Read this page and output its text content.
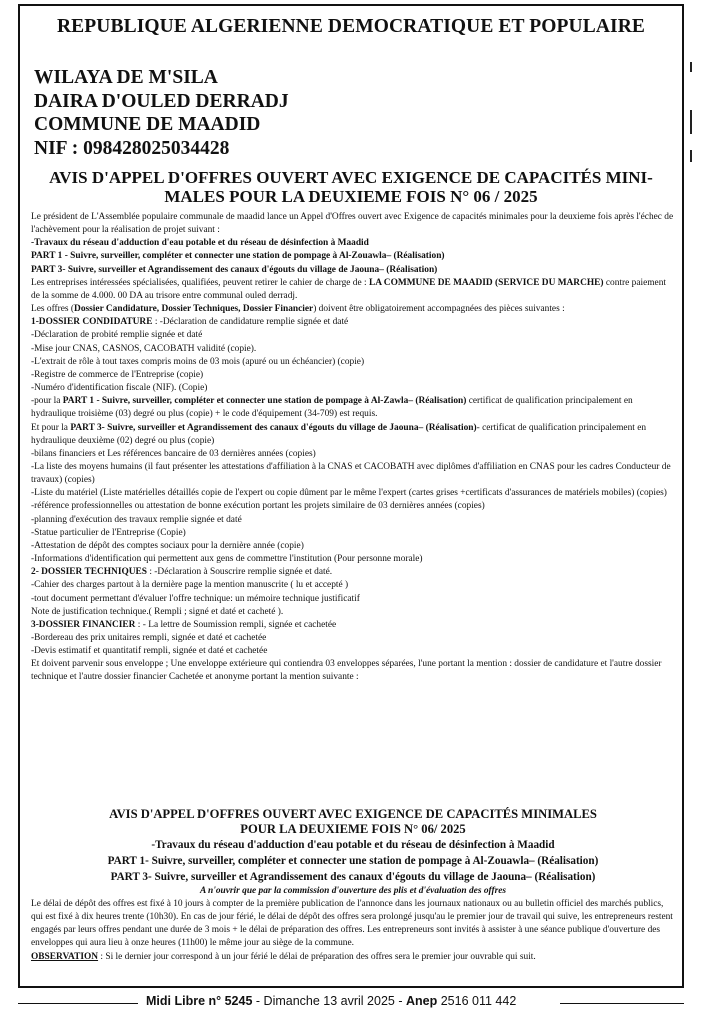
REPUBLIQUE ALGERIENNE DEMOCRATIQUE ET POPULAIRE
WILAYA DE M'SILA
DAIRA D'OULED DERRADJ
COMMUNE DE MAADID
NIF : 098428025034428
AVIS D'APPEL D'OFFRES OUVERT AVEC EXIGENCE DE CAPACITÉS MINI-
MALES POUR LA DEUXIEME FOIS N° 06 / 2025

Le président de L'Assemblée populaire communale de maadid lance un Appel d'Offres ouvert avec Exigence de capacités minimales pour la deuxieme fois après l'échec de l'achèvement pour la réalisation de projet suivant :

-Travaux du réseau d'adduction d'eau potable et du réseau de désinfection à Maadid

PART 1 - Suivre, surveiller, compléter et connecter une station de pompage à Al-Zouawla– (Réalisation)

PART 3- Suivre, surveiller et Agrandissement des canaux d'égouts du village de Jaouna– (Réalisation)

Les entreprises intéressées spécialisées, qualifiées, peuvent retirer le cahier de charge de : LA COMMUNE DE MAADID (SERVICE DU MARCHE) contre paiement de la somme de 4.000. 00 DA au trisore entre communal ouled derradj.

Les offres (Dossier Candidature, Dossier Techniques, Dossier Financier) doivent être obligatoirement accompagnées des pièces suivantes :

1-DOSSIER CONDIDATURE : -Déclaration de candidature remplie signée et daté

-Déclaration de probité remplie signée et daté

-Mise jour CNAS, CASNOS, CACOBATH validité (copie).

-L'extrait de rôle à tout taxes compris moins de 03 mois (apuré ou un échéancier) (copie)

-Registre de commerce de l'Entreprise (copie)

-Numéro d'identification fiscale (NIF). (Copie)

-pour la PART 1 - Suivre, surveiller, compléter et connecter une station de pompage à Al-Zawla– (Réalisation) certificat de qualification principalement en hydraulique troisième (03) degré ou plus (copie) + le code d'équipement (34-709) est requis.

Et pour la PART 3- Suivre, surveiller et Agrandissement des canaux d'égouts du village de Jaouna– (Réalisation)- certificat de qualification principalement en hydraulique deuxième (02) degré ou plus (copie)

-bilans financiers et Les références bancaire de 03 dernières années (copies)

-La liste des moyens humains (il faut présenter les attestations d'affiliation à la CNAS et CACOBATH avec diplômes d'affiliation en CNAS pour les cadres Conducteur de travaux) (copies)

-Liste du matériel (Liste matérielles détaillés copie de l'expert ou copie dûment par le même l'expert (cartes grises +certificats d'assurances de matériels mobiles) (copies)

-référence professionnelles ou attestation de bonne exécution portant les projets similaire de 03 dernières années (copies)

-planning d'exécution des travaux remplie signée et daté

-Statue particulier de l'Entreprise (Copie)

-Attestation de dépôt des comptes sociaux pour la dernière année (copie)

-Informations d'identification qui permettent aux gens de commettre l'institution (Pour personne morale)

2- DOSSIER TECHNIQUES : -Déclaration à Souscrire remplie signée et daté.

-Cahier des charges partout à la dernière page la mention manuscrite ( lu et accepté )

-tout document permettant d'évaluer l'offre technique: un mémoire technique justificatif

Note de justification technique.( Rempli ; signé et daté et cacheté ).

3-DOSSIER FINANCIER : - La lettre de Soumission rempli, signée et cachetée

-Bordereau des prix unitaires rempli, signée et daté et cachetée

-Devis estimatif et quantitatif rempli, signée et daté et cachetée

Et doivent parvenir sous enveloppe ; Une enveloppe extérieure qui contiendra 03 enveloppes séparées, l'une portant la mention : dossier de candidature et l'autre dossier technique et l'autre dossier financier Cachetée et anonyme portant la mention suivante :

AVIS D'APPEL D'OFFRES OUVERT AVEC EXIGENCE DE CAPACITÉS MINIMALES
POUR LA DEUXIEME FOIS N° 06/ 2025
-Travaux du réseau d'adduction d'eau potable et du réseau de désinfection à Maadid
PART 1- Suivre, surveiller, compléter et connecter une station de pompage à Al-Zouawla– (Réalisation)
PART 3- Suivre, surveiller et Agrandissement des canaux d'égouts du village de Jaouna– (Réalisation)
A n'ouvrir que par la commission d'ouverture des plis et d'évaluation des offres

Le délai de dépôt des offres est fixé à 10 jours à compter de la première publication de l'annonce dans les journaux nationaux ou au bulletin officiel des marchés publics, qui est fixé à dix heures trente (10h30). En cas de jour férié, le délai de dépôt des offres sera prolongé jusqu'au le premier jour de travail qui suive, les entrepreneurs restent engagés par leurs offres pendant une durée de 3 mois + le délai de préparation des offres. Les entrepreneurs sont invités à assister à une séance publique d'ouverture des enveloppes qui aura lieu à onze heures (11h00) le même jour au siège de la commune.

OBSERVATION : Si le dernier jour correspond à un jour férié le délai de préparation des offres sera le premier jour ouvrable qui suit.

Midi Libre n° 5245 - Dimanche 13 avril 2025 - Anep 2516 011 442
